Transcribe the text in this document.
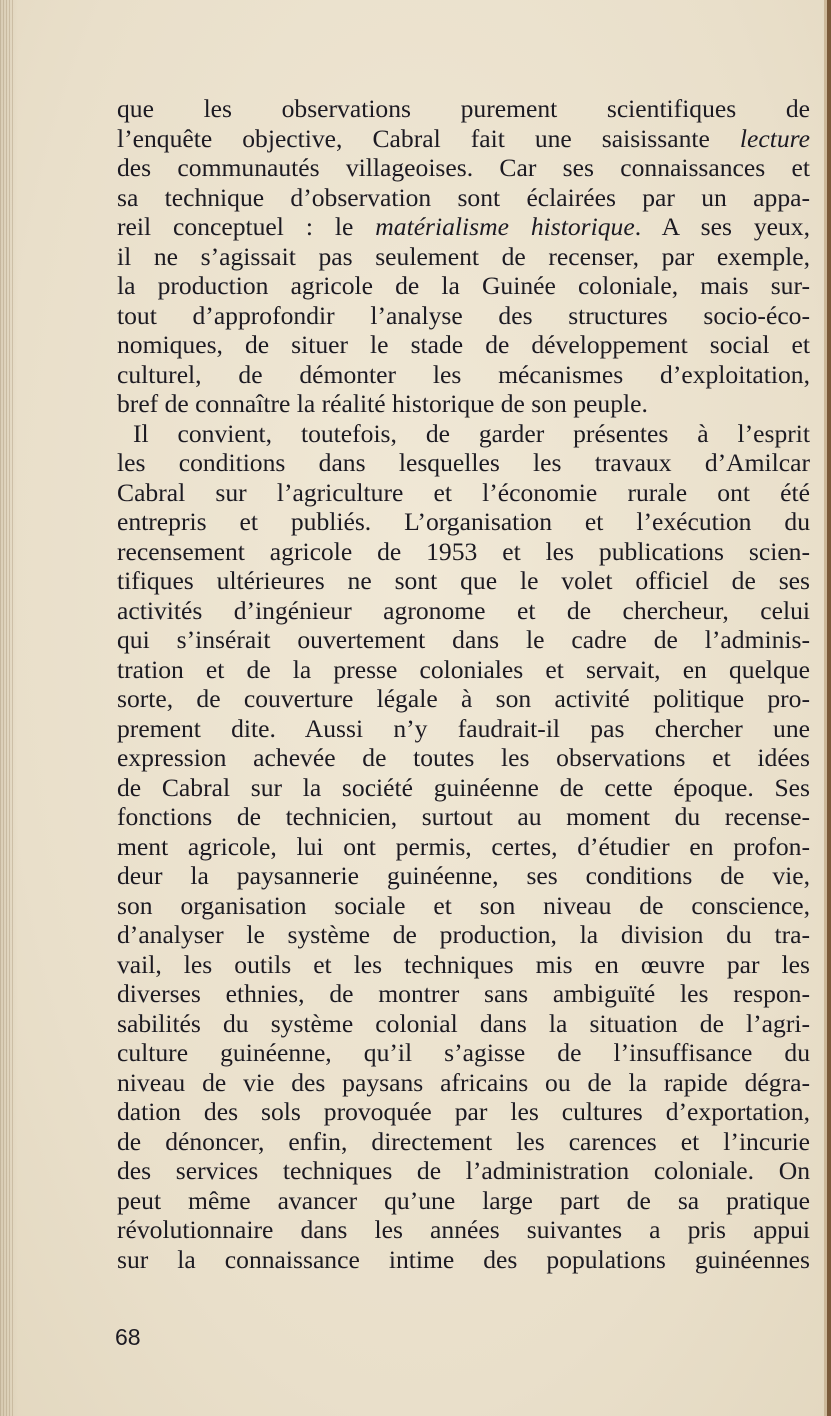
que les observations purement scientifiques de
l’enquête objective, Cabral fait une saisissante lecture
des communautés villageoises. Car ses connaissances et
sa technique d’observation sont éclairées par un appa-
reil conceptuel : le matérialisme historique. A ses yeux,
il ne s’agissait pas seulement de recenser, par exemple,
la production agricole de la Guinée coloniale, mais sur-
tout d’approfondir l’analyse des structures socio-éco-
nomiques, de situer le stade de développement social et
culturel, de démonter les mécanismes d’exploitation,
bref de connaître la réalité historique de son peuple.
Il convient, toutefois, de garder présentes à l’esprit
les conditions dans lesquelles les travaux d’Amilcar
Cabral sur l’agriculture et l’économie rurale ont été
entrepris et publiés. L’organisation et l’exécution du
recensement agricole de 1953 et les publications scien-
tifiques ultérieures ne sont que le volet officiel de ses
activités d’ingénieur agronome et de chercheur, celui
qui s’insérait ouvertement dans le cadre de l’adminis-
tration et de la presse coloniales et servait, en quelque
sorte, de couverture légale à son activité politique pro-
prement dite. Aussi n’y faudrait-il pas chercher une
expression achevée de toutes les observations et idées
de Cabral sur la société guinéenne de cette époque. Ses
fonctions de technicien, surtout au moment du recense-
ment agricole, lui ont permis, certes, d’étudier en profon-
deur la paysannerie guinéenne, ses conditions de vie,
son organisation sociale et son niveau de conscience,
d’analyser le système de production, la division du tra-
vail, les outils et les techniques mis en œuvre par les
diverses ethnies, de montrer sans ambiguïté les respon-
sabilités du système colonial dans la situation de l’agri-
culture guinéenne, qu’il s’agisse de l’insuffisance du
niveau de vie des paysans africains ou de la rapide dégra-
dation des sols provoquée par les cultures d’exportation,
de dénoncer, enfin, directement les carences et l’incurie
des services techniques de l’administration coloniale. On
peut même avancer qu’une large part de sa pratique
révolutionnaire dans les années suivantes a pris appui
sur la connaissance intime des populations guinéennes
68
